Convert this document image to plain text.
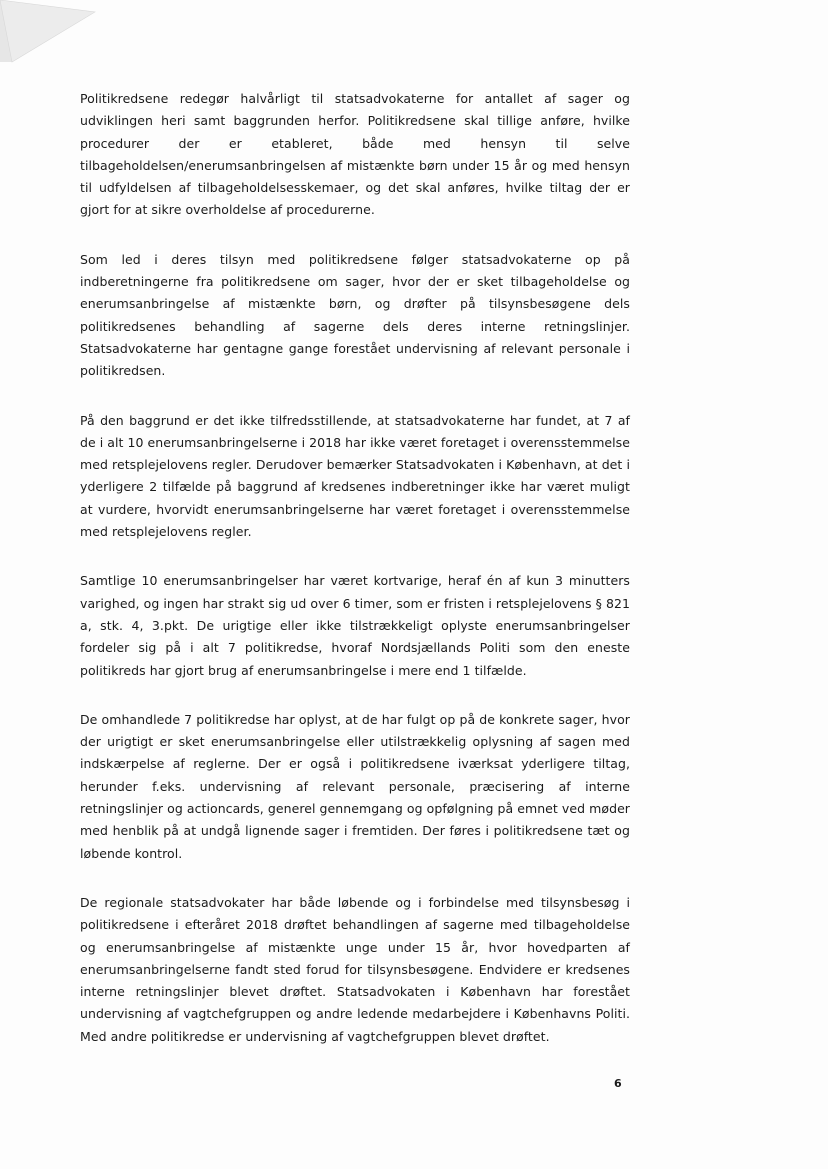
Politikredsene redegør halvårligt til statsadvokaterne for antallet af sager og udviklingen heri samt baggrunden herfor. Politikredsene skal tillige anføre, hvilke procedurer der er etableret, både med hensyn til selve tilbageholdelsen/enerumsanbringelsen af mistænkte børn under 15 år og med hensyn til udfyldelsen af tilbageholdelsesskemaer, og det skal anføres, hvilke tiltag der er gjort for at sikre overholdelse af procedurerne.

Som led i deres tilsyn med politikredsene følger statsadvokaterne op på indberetningerne fra politikredsene om sager, hvor der er sket tilbageholdelse og enerumsanbringelse af mistænkte børn, og drøfter på tilsynsbesøgene dels politikredsenes behandling af sagerne dels deres interne retningslinjer. Statsadvokaterne har gentagne gange forestået undervisning af relevant personale i politikredsen.

På den baggrund er det ikke tilfredsstillende, at statsadvokaterne har fundet, at 7 af de i alt 10 enerumsanbringelserne i 2018 har ikke været foretaget i overensstemmelse med retsplejelovens regler. Derudover bemærker Statsadvokaten i København, at det i yderligere 2 tilfælde på baggrund af kredsenes indberetninger ikke har været muligt at vurdere, hvorvidt enerumsanbringelserne har været foretaget i overensstemmelse med retsplejelovens regler.

Samtlige 10 enerumsanbringelser har været kortvarige, heraf én af kun 3 minutters varighed, og ingen har strakt sig ud over 6 timer, som er fristen i retsplejelovens § 821 a, stk. 4, 3.pkt. De urigtige eller ikke tilstrækkeligt oplyste enerumsanbringelser fordeler sig på i alt 7 politikredse, hvoraf Nordsjællands Politi som den eneste politikreds har gjort brug af enerumsanbringelse i mere end 1 tilfælde.

De omhandlede 7 politikredse har oplyst, at de har fulgt op på de konkrete sager, hvor der urigtigt er sket enerumsanbringelse eller utilstrækkelig oplysning af sagen med indskærpelse af reglerne. Der er også i politikredsene iværksat yderligere tiltag, herunder f.eks. undervisning af relevant personale, præcisering af interne retningslinjer og actioncards, generel gennemgang og opfølgning på emnet ved møder med henblik på at undgå lignende sager i fremtiden. Der føres i politikredsene tæt og løbende kontrol.

De regionale statsadvokater har både løbende og i forbindelse med tilsynsbesøg i politikredsene i efteråret 2018 drøftet behandlingen af sagerne med tilbageholdelse og enerumsanbringelse af mistænkte unge under 15 år, hvor hovedparten af enerumsanbringelserne fandt sted forud for tilsynsbesøgene. Endvidere er kredsenes interne retningslinjer blevet drøftet. Statsadvokaten i København har forestået undervisning af vagtchefgruppen og andre ledende medarbejdere i Københavns Politi. Med andre politikredse er undervisning af vagtchefgruppen blevet drøftet.

6
